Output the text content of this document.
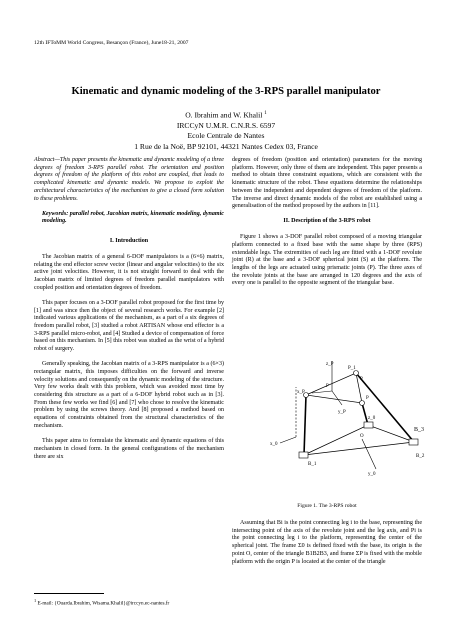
12th IFToMM World Congress, Besançon (France), June18-21, 2007
Kinematic and dynamic modeling of the 3-RPS parallel manipulator
O. Ibrahim and W. Khalil $^1$
IRCCyN U.M.R. C.N.R.S. 6597
Ecole Centrale de Nantes
1 Rue de la Noë, BP 92101, 44321 Nantes Cedex 03, France

Abstract—This paper presents the kinematic and dynamic modeling of a three degrees of freedom 3-RPS parallel robot. The orientation and position degrees of freedom of the platform of this robot are coupled, that leads to complicated kinematic and dynamic models. We propose to exploit the architectural characteristics of the mechanism to give a closed form solution to these problems.

Keywords: parallel robot, Jacobian matrix, kinematic modeling, dynamic modeling.

I. Introduction

The Jacobian matrix of a general 6-DOF manipulators is a (6×6) matrix, relating the end effector screw vector (linear and angular velocities) to the six active joint velocities. However, it is not straight forward to deal with the Jacobian matrix of limited degrees of freedom parallel manipulators with coupled position and orientation degrees of freedom.

This paper focuses on a 3-DOF parallel robot proposed for the first time by [1] and was since then the object of several research works. For example [2] indicated various applications of the mechanism, as a part of a six degrees of freedom parallel robot, [3] studied a robot ARTISAN whose end effector is a 3-RPS parallel micro-robot, and [4] Studied a device of compensation of force based on this mechanism. In [5] this robot was studied as the wrist of a hybrid robot of surgery.

Generally speaking, the Jacobian matrix of a 3-RPS manipulator is a (6×3) rectangular matrix, this imposes difficulties on the forward and inverse velocity solutions and consequently on the dynamic modeling of the structure. Very few works dealt with this problem, which was avoided most time by considering this structure as a part of a 6-DOF hybrid robot such as in [3]. From these few works we find [6] and [7] who chose to resolve the kinematic problem by using the screws theory. And [8] proposed a method based on equations of constraints obtained from the structural characteristics of the mechanism.

This paper aims to formulate the kinematic and dynamic equations of this mechanism in closed form. In the general configurations of the mechanism there are six

$^1$ E-mail: {Ouarda.Ibrahim, Wisama.Khalil}@irccyn.ec-nantes.fr

degrees of freedom (position and orientation) parameters for the moving platform. However, only three of them are independent. This paper presents a method to obtain three constraint equations, which are consistent with the kinematic structure of the robot. These equations determine the relationships between the independent and dependent degrees of freedom of the platform. The inverse and direct dynamic models of the robot are established using a generalisation of the method proposed by the authors in [11].

II. Description of the 3-RPS robot

Figure 1 shows a 3-DOF parallel robot composed of a moving triangular platform connected to a fixed base with the same shape by three (RPS) extendable legs. The extremities of each leg are fitted with a 1-DOF revolute joint (R) at the base and a 3-DOF spherical joint (S) at the platform. The lengths of the legs are actuated using prismatic joints (P). The three axes of the revolute joints at the base are arranged in 120 degrees and the axis of every one is parallel to the opposite segment of the triangular base.

z_P
x_P
P
P_1
y_P
z_0
x_0
B_1
O
B_3
y_0
B_2
P
P
Figure 1. The 3-RPS robot
Assuming that Bi is the point connecting leg i to the base, representing the intersecting point of the axis of the revolute joint and the leg axis, and Pi is the point connecting leg i to the platform, representing the center of the spherical joint. The frame Σ0 is defined fixed with the base, its origin is the point O, center of the triangle B1B2B3, and frame ΣP is fixed with the mobile platform with the origin P is located at the center of the triangle
